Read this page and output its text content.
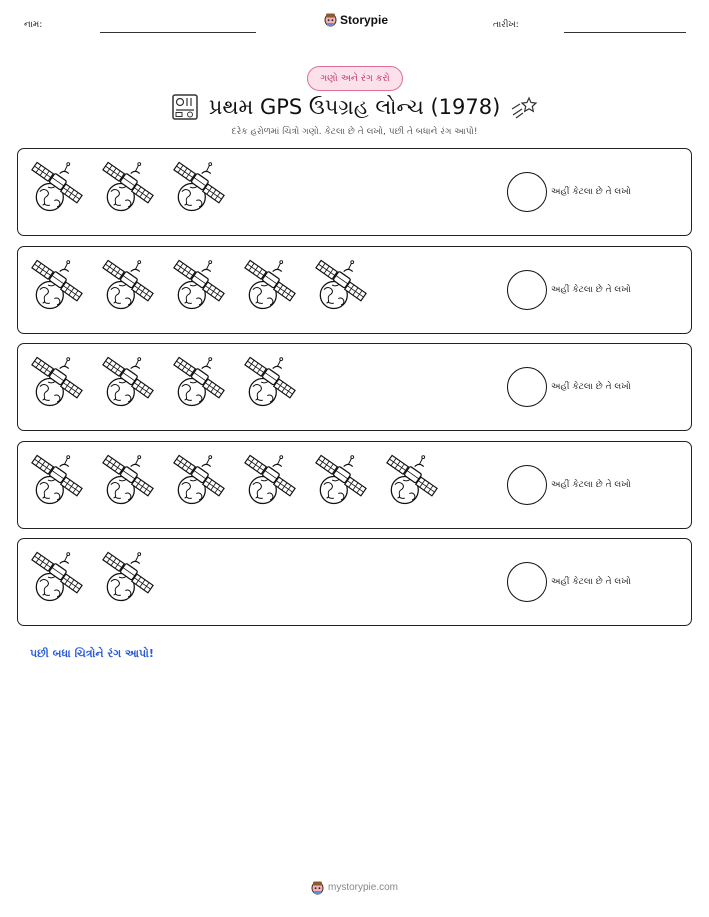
નામ:	Storypie	તારીખ:
ગણો અને રંગ કરો
પ્રથમ GPS ઉપગ્રહ લોન્ચ (1978)
દરેક હરોળમાં ચિત્રો ગણો. કેટલા છે તે લખો, પછી તે બધાને રંગ આપો!
અહીં કેટલા છે તે લખો
અહીં કેટલા છે તે લખો
અહીં કેટલા છે તે લખો
અહીં કેટલા છે તે લખો
અહીં કેટલા છે તે લખો
પછી બધા ચિત્રોને રંગ આપો!
mystorypie.com
